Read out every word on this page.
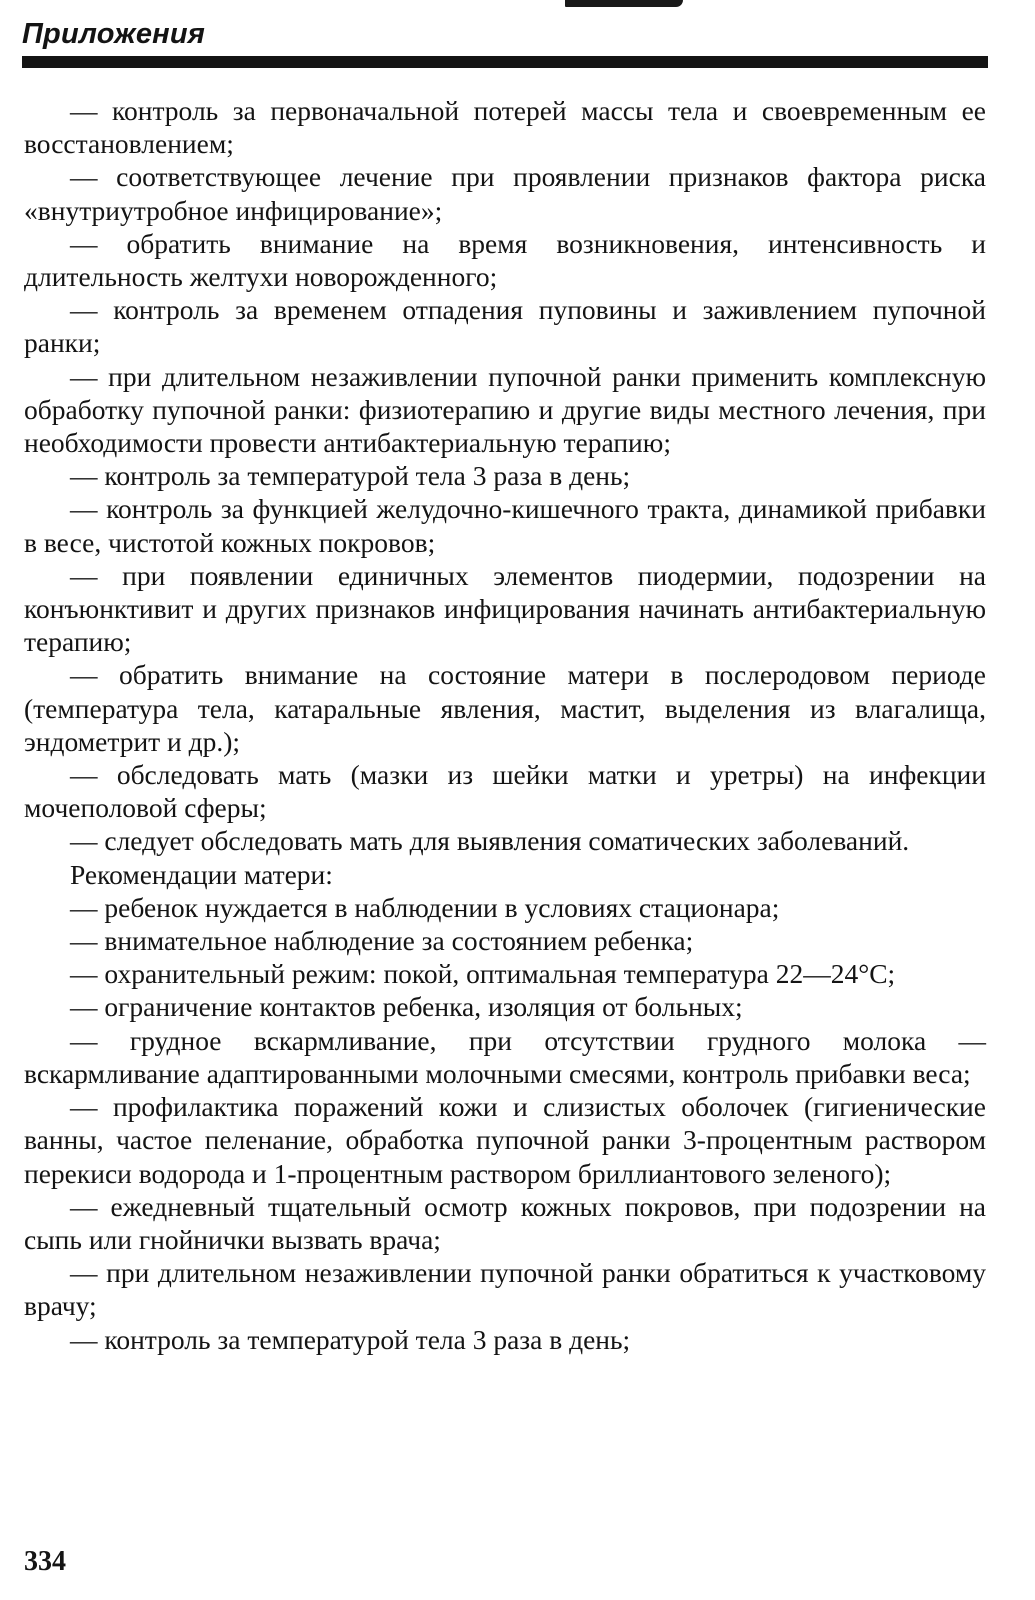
Приложения

— контроль за первоначальной потерей массы тела и своевременным ее восстановлением;

— соответствующее лечение при проявлении признаков фактора риска «внутриутробное инфицирование»;

— обратить внимание на время возникновения, интенсивность и длительность желтухи новорожденного;

— контроль за временем отпадения пуповины и заживлением пупочной ранки;

— при длительном незаживлении пупочной ранки применить комплексную обработку пупочной ранки: физиотерапию и другие виды местного лечения, при необходимости провести антибактериальную терапию;

— контроль за температурой тела 3 раза в день;

— контроль за функцией желудочно-кишечного тракта, динамикой прибавки в весе, чистотой кожных покровов;

— при появлении единичных элементов пиодермии, подозрении на конъюнктивит и других признаков инфицирования начинать антибактериальную терапию;

— обратить внимание на состояние матери в послеродовом периоде (температура тела, катаральные явления, мастит, выделения из влагалища, эндометрит и др.);

— обследовать мать (мазки из шейки матки и уретры) на инфекции мочеполовой сферы;

— следует обследовать мать для выявления соматических заболеваний.

Рекомендации матери:

— ребенок нуждается в наблюдении в условиях стационара;

— внимательное наблюдение за состоянием ребенка;

— охранительный режим: покой, оптимальная температура 22—24°С;

— ограничение контактов ребенка, изоляция от больных;

— грудное вскармливание, при отсутствии грудного молока — вскармливание адаптированными молочными смесями, контроль прибавки веса;

— профилактика поражений кожи и слизистых оболочек (гигиенические ванны, частое пеленание, обработка пупочной ранки 3-процентным раствором перекиси водорода и 1-процентным раствором бриллиантового зеленого);

— ежедневный тщательный осмотр кожных покровов, при подозрении на сыпь или гнойнички вызвать врача;

— при длительном незаживлении пупочной ранки обратиться к участковому врачу;

— контроль за температурой тела 3 раза в день;

334
